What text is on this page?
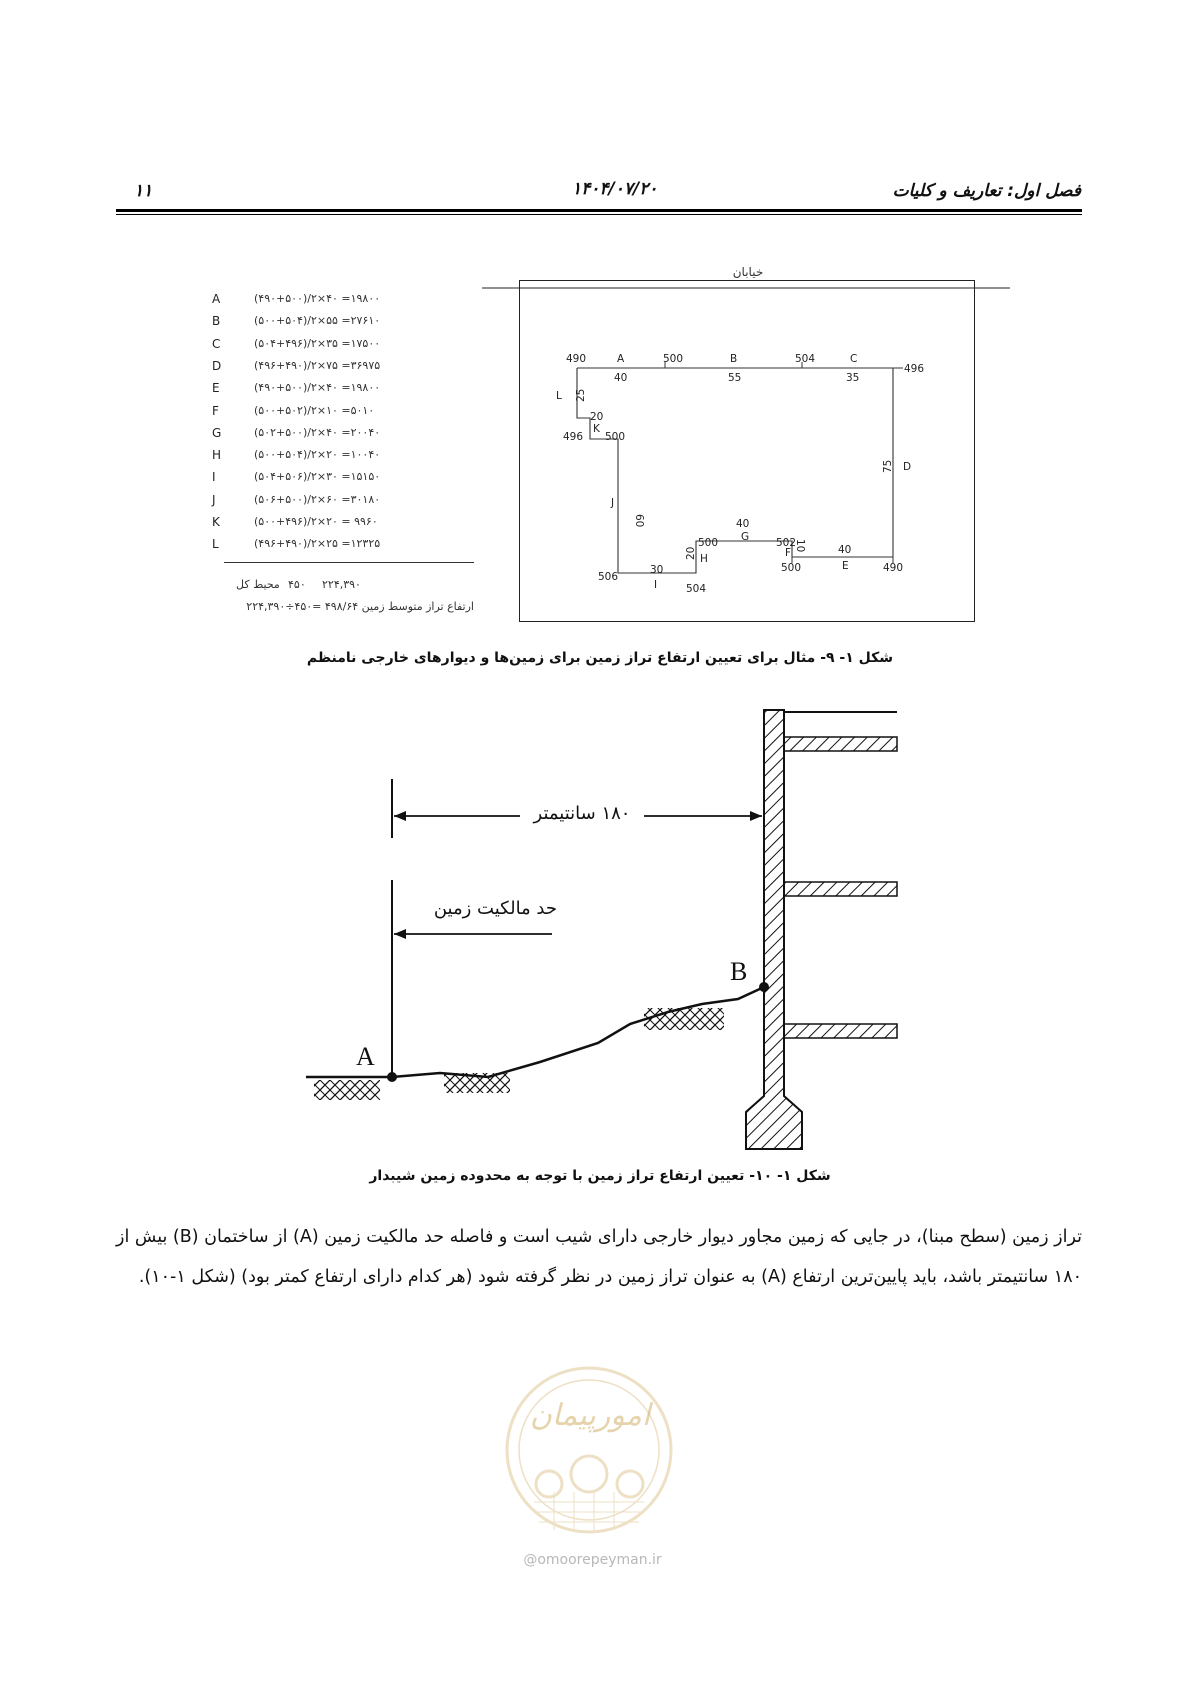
۱۱	۱۴۰۴/۰۷/۲۰	فصل اول: تعاریف و کلیات
A	(۴۹۰+۵۰۰)/۲×۴۰ =۱۹۸۰۰
B	(۵۰۰+۵۰۴)/۲×۵۵ =۲۷۶۱۰
C	(۵۰۴+۴۹۶)/۲×۳۵ =۱۷۵۰۰
D	(۴۹۶+۴۹۰)/۲×۷۵ =۳۶۹۷۵
E	(۴۹۰+۵۰۰)/۲×۴۰ =۱۹۸۰۰
F	(۵۰۰+۵۰۲)/۲×۱۰ =۵۰۱۰
G	(۵۰۲+۵۰۰)/۲×۴۰ =۲۰۰۴۰
H	(۵۰۰+۵۰۴)/۲×۲۰ =۱۰۰۴۰
I	(۵۰۴+۵۰۶)/۲×۳۰ =۱۵۱۵۰
J	(۵۰۶+۵۰۰)/۲×۶۰ =۳۰۱۸۰
K	(۵۰۰+۴۹۶)/۲×۲۰ = ۹۹۶۰
L	(۴۹۶+۴۹۰)/۲×۲۵ =۱۲۳۲۵
۲۲۴,۳۹۰
۴۵۰
محیط کل
ارتفاع تراز متوسط زمین ۲۲۴,۳۹۰÷۴۵۰= ۴۹۸/۶۴
خیابان
490	A	500	B	504	C
496
40	55	35
L 25
20
496
K
500
75 D
J
60	40
G
500	502
10
F
20 H
40
500	E	490
506
30
I	504
شکل ۱- ۹- مثال برای تعیین ارتفاع تراز زمین برای زمین‌ها و دیوارهای خارجی نامنظم
A
B
۱۸۰ سانتیمتر
حد مالکیت زمین
شکل ۱- ۱۰- تعیین ارتفاع تراز زمین با توجه به محدوده زمین شیبدار

تراز زمین (سطح مبنا)، در جایی که زمین مجاور دیوار خارجی دارای شیب است و فاصله حد مالکیت زمین (A) از ساختمان (B) بیش از ۱۸۰ سانتیمتر باشد، باید پایین‌ترین ارتفاع (A) به عنوان تراز زمین در نظر گرفته شود (هر کدام دارای ارتفاع کمتر بود) (شکل ۱-۱۰).

امورپیمان
@omoorepeyman.ir
